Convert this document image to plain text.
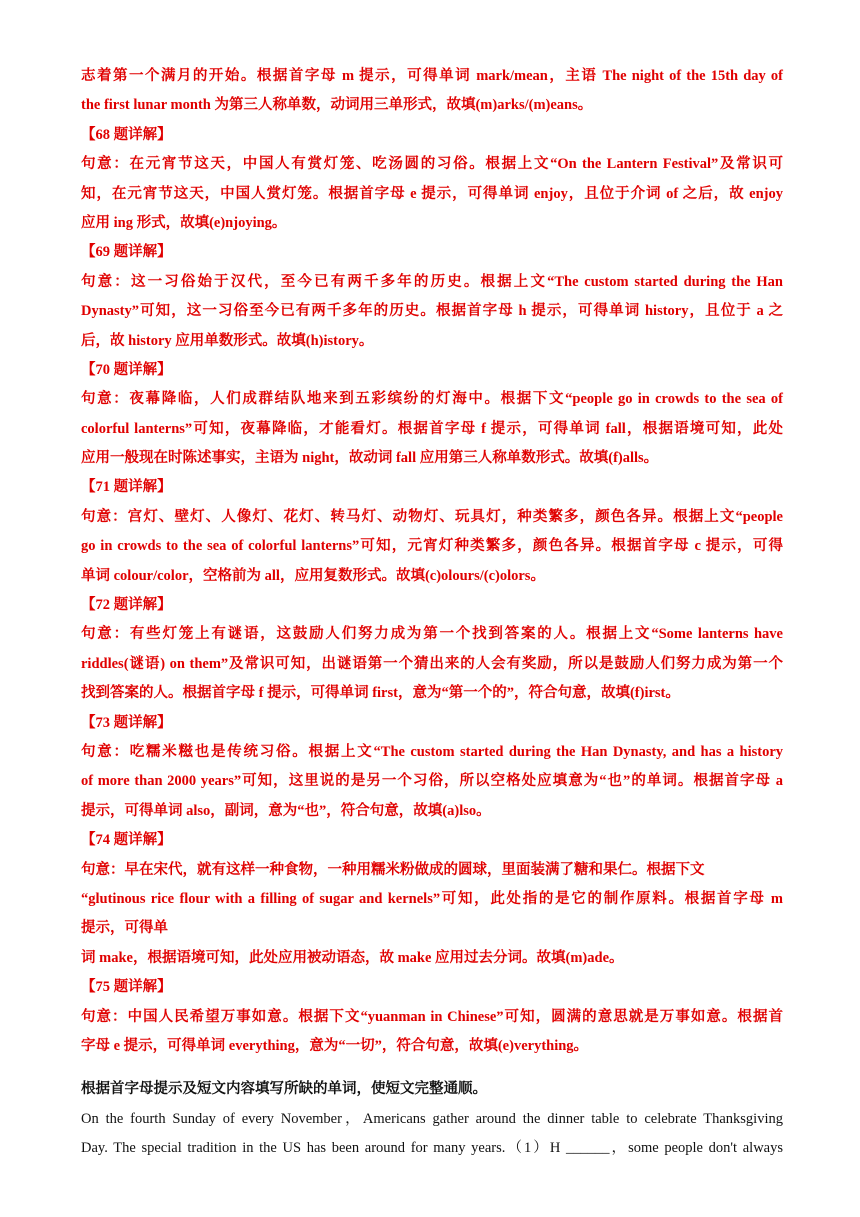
志着第一个满月的开始。根据首字母 m 提示，可得单词 mark/mean，主语 The night of the 15th day of
the first lunar month 为第三人称单数，动词用三单形式，故填(m)arks/(m)eans。
【68 题详解】
句意：在元宵节这天，中国人有赏灯笼、吃汤圆的习俗。根据上文“On the Lantern Festival”及常识可
知，在元宵节这天，中国人赏灯笼。根据首字母 e 提示，可得单词 enjoy，且位于介词 of 之后，故 enjoy
应用 ing 形式，故填(e)njoying。
【69 题详解】
句意：这一习俗始于汉代，至今已有两千多年的历史。根据上文“The custom started during the Han
Dynasty”可知，这一习俗至今已有两千多年的历史。根据首字母 h 提示，可得单词 history，且位于 a 之
后，故 history 应用单数形式。故填(h)istory。
【70 题详解】
句意：夜幕降临，人们成群结队地来到五彩缤纷的灯海中。根据下文“people go in crowds to the sea of
colorful lanterns”可知，夜幕降临，才能看灯。根据首字母 f 提示，可得单词 fall，根据语境可知，此处
应用一般现在时陈述事实，主语为 night，故动词 fall 应用第三人称单数形式。故填(f)alls。
【71 题详解】
句意：宫灯、壁灯、人像灯、花灯、转马灯、动物灯、玩具灯，种类繁多，颜色各异。根据上文“people
go in crowds to the sea of colorful lanterns”可知，元宵灯种类繁多，颜色各异。根据首字母 c 提示，可得
单词 colour/color，空格前为 all，应用复数形式。故填(c)olours/(c)olors。
【72 题详解】
句意：有些灯笼上有谜语，这鼓励人们努力成为第一个找到答案的人。根据上文“Some lanterns have
riddles(谜语) on them”及常识可知，出谜语第一个猜出来的人会有奖励，所以是鼓励人们努力成为第一个
找到答案的人。根据首字母 f 提示，可得单词 first，意为“第一个的”，符合句意，故填(f)irst。
【73 题详解】
句意：吃糯米糍也是传统习俗。根据上文“The custom started during the Han Dynasty, and has a history
of more than 2000 years”可知，这里说的是另一个习俗，所以空格处应填意为“也”的单词。根据首字母 a
提示，可得单词 also，副词，意为“也”，符合句意，故填(a)lso。
【74 题详解】
句意：早在宋代，就有这样一种食物，一种用糯米粉做成的圆球，里面装满了糖和果仁。根据下文
“glutinous rice flour with a filling of sugar and kernels”可知，此处指的是它的制作原料。根据首字母 m
提示，可得单
词 make，根据语境可知，此处应用被动语态，故 make 应用过去分词。故填(m)ade。
【75 题详解】
句意：中国人民希望万事如意。根据下文“yuanman in Chinese”可知，圆满的意思就是万事如意。根据首
字母 e 提示，可得单词 everything，意为“一切”，符合句意，故填(e)verything。
根据首字母提示及短文内容填写所缺的单词，使短文完整通顺。
On the fourth Sunday of every November，Americans gather around the dinner table to celebrate Thanksgiving
Day. The special tradition in the US has been around for many years.（1）H ______，some people don't always
